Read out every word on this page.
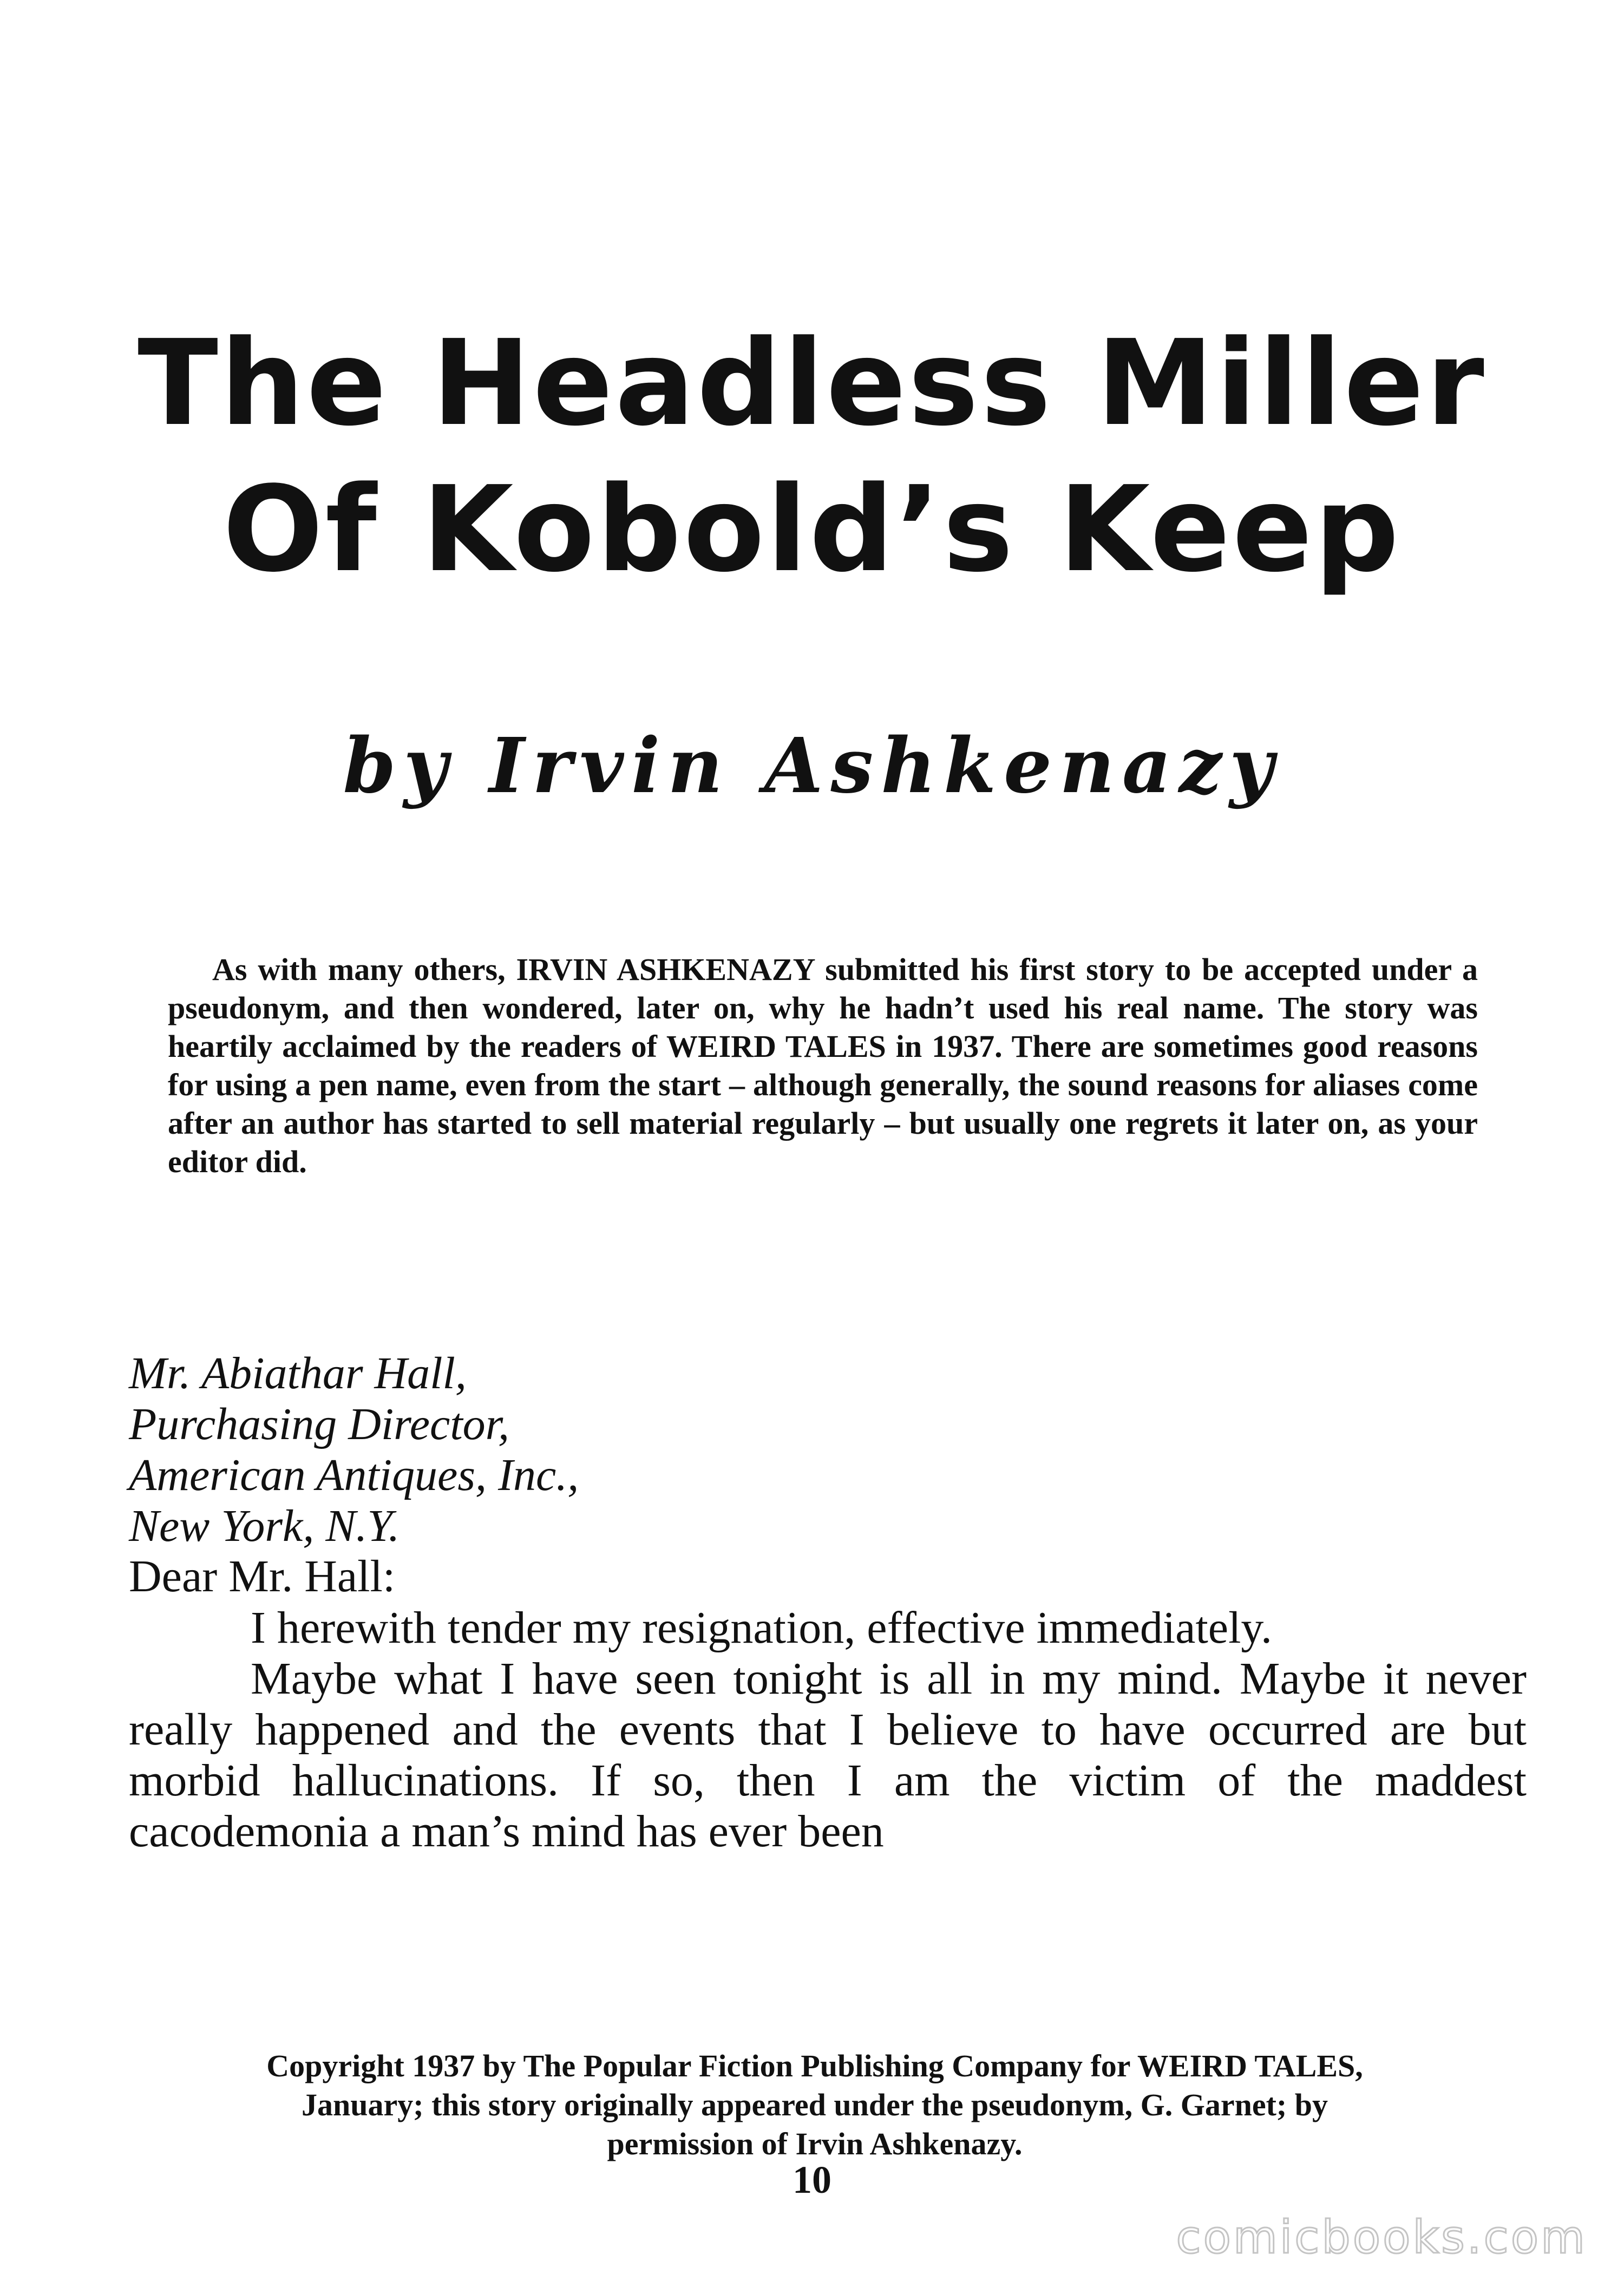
The Headless Miller
Of Kobold’s Keep
by Irvin Ashkenazy

As with many others, IRVIN ASHKENAZY submitted his first story to be accepted under a pseudonym, and then wondered, later on, why he hadn’t used his real name. The story was heartily acclaimed by the readers of WEIRD TALES in 1937. There are sometimes good reasons for using a pen name, even from the start – although generally, the sound reasons for aliases come after an author has started to sell material regularly – but usually one regrets it later on, as your editor did.

Mr. Abiathar Hall,
Purchasing Director,
American Antiques, Inc.,
New York, N.Y.
Dear Mr. Hall:

I herewith tender my resignation, effective immediately.

Maybe what I have seen tonight is all in my mind. Maybe it never really happened and the events that I believe to have occurred are but morbid hallucinations. If so, then I am the victim of the maddest cacodemonia a man’s mind has ever been

Copyright 1937 by The Popular Fiction Publishing Company for WEIRD TALES, January; this story originally appeared under the pseudonym, G. Garnet; by permission of Irvin Ashkenazy.

10
comicbooks.com
